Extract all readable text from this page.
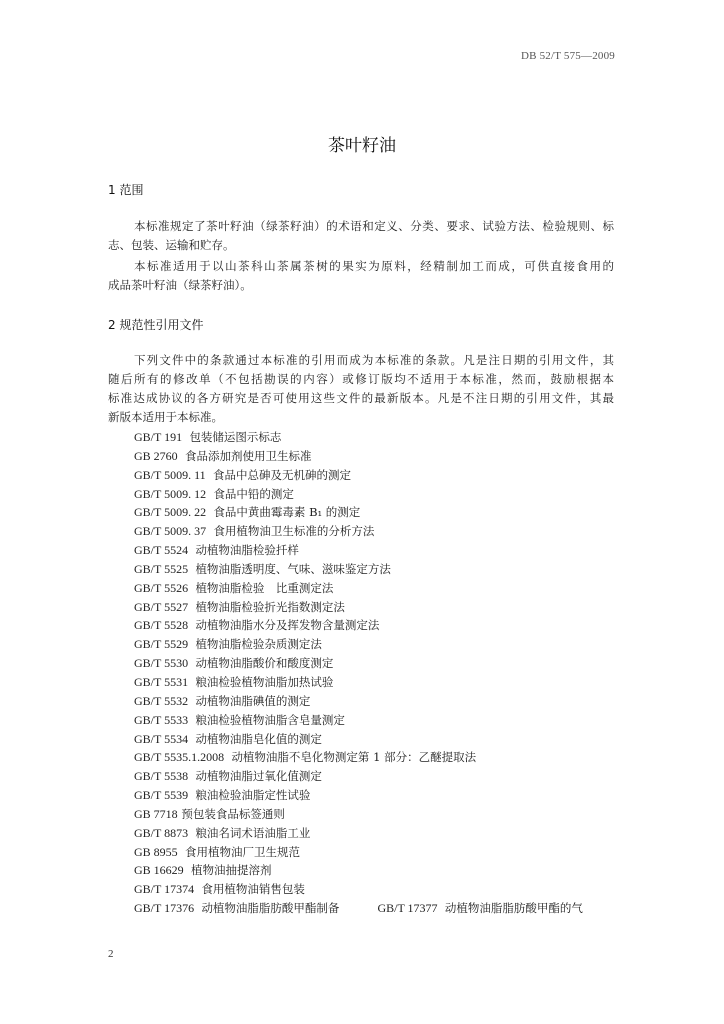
DB 52/T 575—2009
茶叶籽油
1 范围
本标准规定了茶叶籽油（绿茶籽油）的术语和定义、分类、要求、试验方法、检验规则、标
志、包装、运输和贮存。
本标准适用于以山茶科山茶属茶树的果实为原料，经精制加工而成，可供直接食用的
成品茶叶籽油（绿茶籽油）。
2 规范性引用文件
下列文件中的条款通过本标准的引用而成为本标准的条款。凡是注日期的引用文件，其
随后所有的修改单（不包括勘误的内容）或修订版均不适用于本标准，然而，鼓励根据本
标准达成协议的各方研究是否可使用这些文件的最新版本。凡是不注日期的引用文件，其最
新版本适用于本标准。
GB/T 191 包装储运图示标志
GB 2760 食品添加剂使用卫生标准
GB/T 5009. 11 食品中总砷及无机砷的测定
GB/T 5009. 12 食品中铅的测定
GB/T 5009. 22 食品中黄曲霉毒素 B₁ 的测定
GB/T 5009. 37 食用植物油卫生标准的分析方法
GB/T 5524 动植物油脂检验扦样
GB/T 5525 植物油脂透明度、气味、滋味鉴定方法
GB/T 5526 植物油脂检验　比重测定法
GB/T 5527 植物油脂检验折光指数测定法
GB/T 5528 动植物油脂水分及挥发物含量测定法
GB/T 5529 植物油脂检验杂质测定法
GB/T 5530 动植物油脂酸价和酸度测定
GB/T 5531 粮油检验植物油脂加热试验
GB/T 5532 动植物油脂碘值的测定
GB/T 5533 粮油检验植物油脂含皂量测定
GB/T 5534 动植物油脂皂化值的测定
GB/T 5535.1.2008 动植物油脂不皂化物测定第 1 部分：乙醚提取法
GB/T 5538 动植物油脂过氧化值测定
GB/T 5539 粮油检验油脂定性试验
GB 7718 预包装食品标签通则
GB/T 8873 粮油名词术语油脂工业
GB 8955 食用植物油厂卫生规范
GB 16629 植物油抽提溶剂
GB/T 17374 食用植物油销售包装
GB/T 17376 动植物油脂脂肪酸甲酯制备	GB/T 17377 动植物油脂脂肪酸甲酯的气
2
